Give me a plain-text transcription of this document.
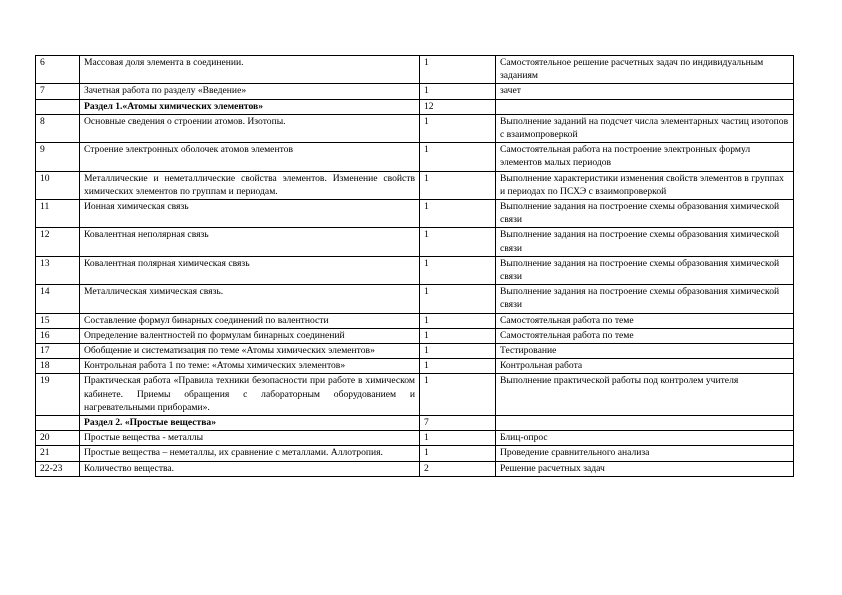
6	Массовая доля элемента в соединении.	1	Самостоятельное решение расчетных задач по индивидуальным заданиям
7	Зачетная работа по разделу «Введение»	1	зачет
	Раздел 1.«Атомы химических элементов»	12	
8	Основные сведения о строении атомов. Изотопы.	1	Выполнение заданий на подсчет числа элементарных частиц изотопов с взаимопроверкой
9	Строение электронных оболочек атомов элементов	1	Самостоятельная работа на построение электронных формул элементов малых периодов
10	Металлические и неметаллические свойства элементов. Изменение свойств химических элементов по группам и периодам.	1	Выполнение характеристики изменения свойств элементов в группах и периодах по ПСХЭ с взаимопроверкой
11	Ионная химическая связь	1	Выполнение задания на построение схемы образования химической связи
12	Ковалентная неполярная связь	1	Выполнение задания на построение схемы образования химической связи
13	Ковалентная полярная химическая связь	1	Выполнение задания на построение схемы образования химической связи
14	Металлическая химическая связь.	1	Выполнение задания на построение схемы образования химической связи
15	Составление формул бинарных соединений по валентности	1	Самостоятельная работа по теме
16	Определение валентностей по формулам бинарных соединений	1	Самостоятельная работа по теме
17	Обобщение и систематизация по теме «Атомы химических элементов»	1	Тестирование
18	Контрольная работа 1 по теме: «Атомы химических элементов»	1	Контрольная работа
19	Практическая работа «Правила техники безопасности при работе в химическом кабинете. Приемы обращения с лабораторным оборудованием и нагревательными приборами».	1	Выполнение практической работы под контролем учителя
	Раздел 2. «Простые вещества»	7	
20	Простые вещества - металлы	1	Блиц-опрос
21	Простые вещества – неметаллы, их сравнение с металлами. Аллотропия.	1	Проведение сравнительного анализа
22-23	Количество вещества.	2	Решение расчетных задач
